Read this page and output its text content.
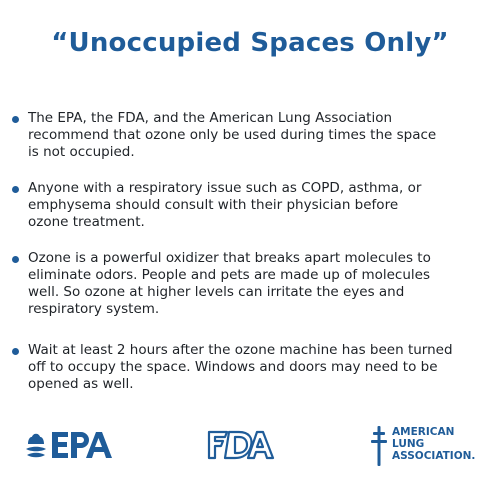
“Unoccupied Spaces Only”
The EPA, the FDA, and the American Lung Association
recommend that ozone only be used during times the space
is not occupied.
Anyone with a respiratory issue such as COPD, asthma, or
emphysema should consult with their physician before
ozone treatment.
Ozone is a powerful oxidizer that breaks apart molecules to
eliminate odors. People and pets are made up of molecules
well. So ozone at higher levels can irritate the eyes and
respiratory system.
Wait at least 2 hours after the ozone machine has been turned
off to occupy the space. Windows and doors may need to be
opened as well.
AMERICAN
LUNG
ASSOCIATION.
